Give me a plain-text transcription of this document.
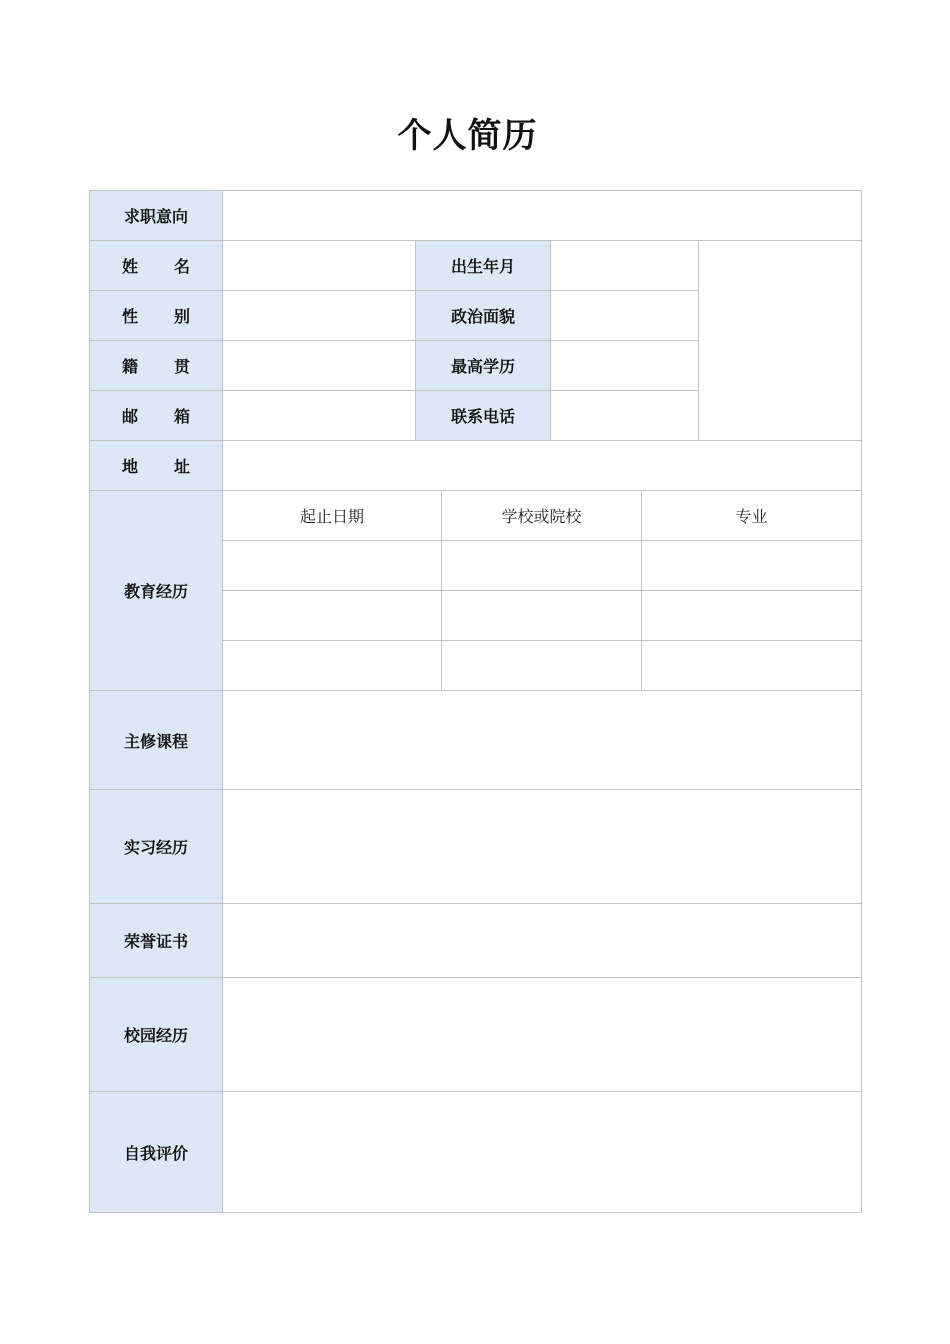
个人简历
求职意向						

姓 名		出生年月				

性 别		政治面貌				

籍 贯		最高学历				

邮 箱		联系电话				

地 址						

教育经历	起止日期		学校或院校		专业	

主修课程						
实习经历						
荣誉证书						
校园经历						
自我评价						
